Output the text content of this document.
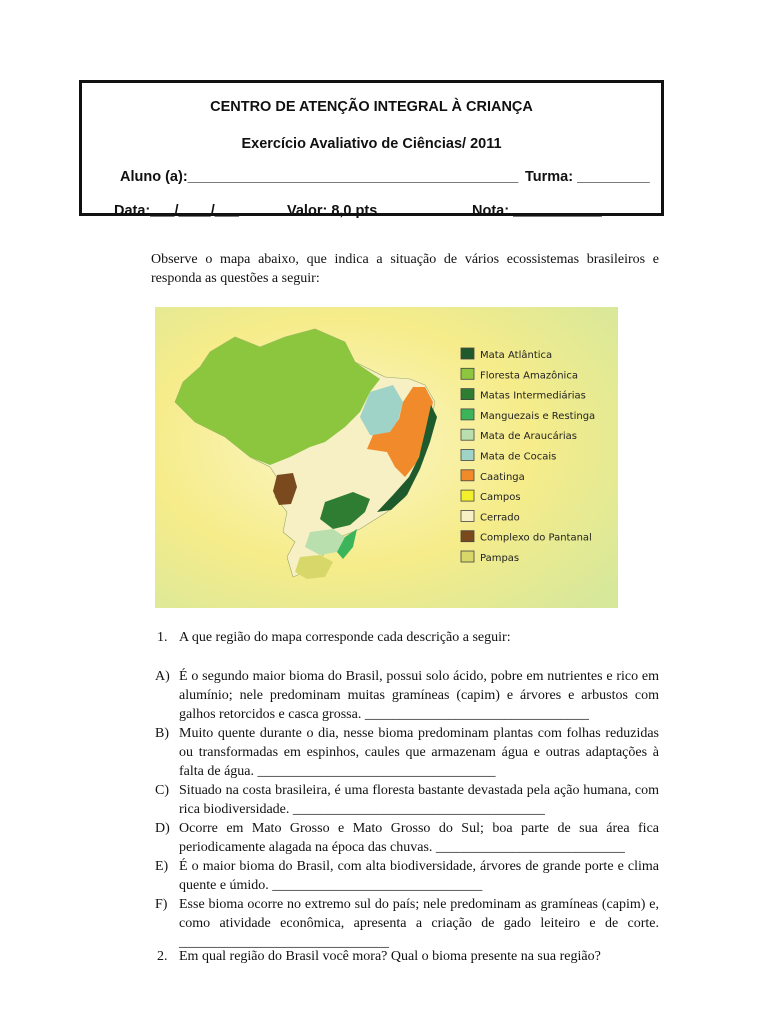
CENTRO DE ATENÇÃO INTEGRAL À CRIANÇA
Exercício Avaliativo de Ciências/ 2011
Aluno (a):_________________________________________ Turma: _________
Data:___/____/___	Valor: 8,0 pts	Nota: ___________
Observe o mapa abaixo, que indica a situação de vários ecossistemas brasileiros e responda as questões a seguir:
Mata Atlântica
Floresta Amazônica
Matas Intermediárias
Manguezais e Restinga
Mata de Araucárias
Mata de Cocais
Caatinga
Campos
Cerrado
Complexo do Pantanal
Pampas
1. A que região do mapa corresponde cada descrição a seguir:
A) É o segundo maior bioma do Brasil, possui solo ácido, pobre em nutrientes e rico em alumínio; nele predominam muitas gramíneas (capim) e árvores e arbustos com galhos retorcidos e casca grossa. ________________________________
B) Muito quente durante o dia, nesse bioma predominam plantas com folhas reduzidas ou transformadas em espinhos, caules que armazenam água e outras adaptações à falta de água. __________________________________
C) Situado na costa brasileira, é uma floresta bastante devastada pela ação humana, com rica biodiversidade. ____________________________________
D) Ocorre em Mato Grosso e Mato Grosso do Sul; boa parte de sua área fica periodicamente alagada na época das chuvas. ___________________________
E) É o maior bioma do Brasil, com alta biodiversidade, árvores de grande porte e clima quente e úmido. ______________________________
F) Esse bioma ocorre no extremo sul do país; nele predominam as gramíneas (capim) e, como atividade econômica, apresenta a criação de gado leiteiro e de corte. ______________________________
2. Em qual região do Brasil você mora? Qual o bioma presente na sua região?
